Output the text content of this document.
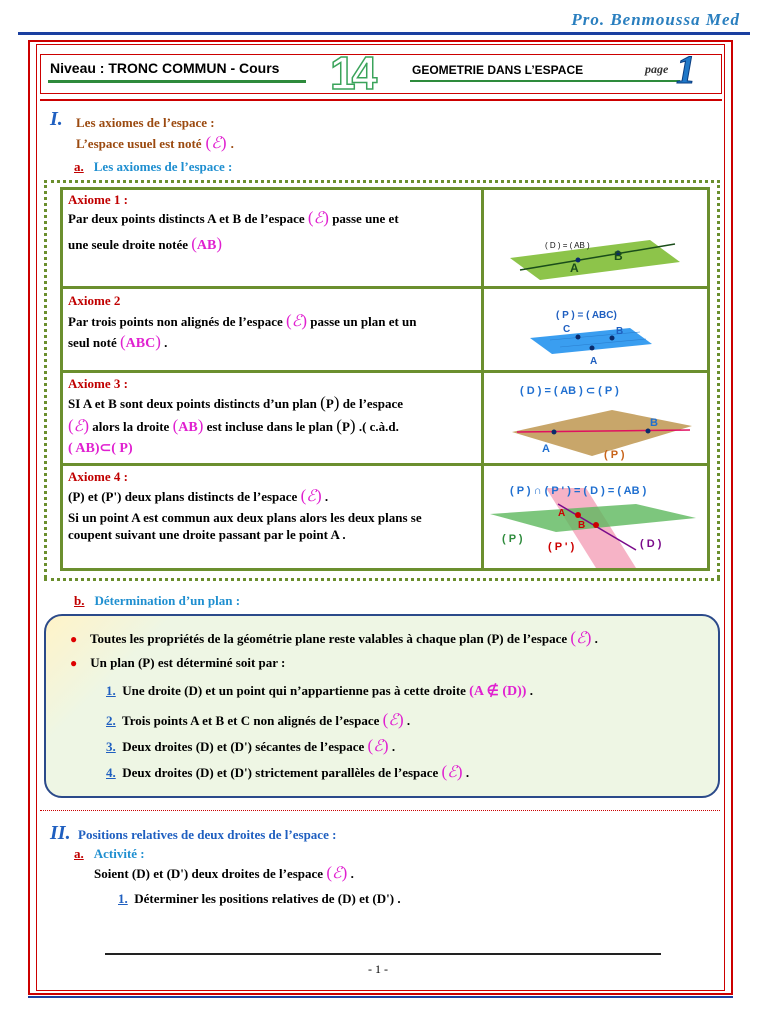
Pro. Benmoussa Med
Niveau : TRONC COMMUN - Cours 14	GEOMETRIE DANS L’ESPACE	page 1
I. Les axiomes de l’espace :
L’espace usuel est noté (ℰ) .
a. Les axiomes de l’espace :
Axiome 1 :
Par deux points distincts A et B de l’espace (ℰ) passe une et
une seule droite notée (AB)	( D ) = ( AB )
A
B
Axiome 2
Par trois points non alignés de l’espace (ℰ) passe un plan et un
seul noté (ABC) .
( P ) = ( ABC)
C	B
A
Axiome 3 :
SI A et B sont deux points distincts d’un plan (P) de l’espace
(ℰ) alors la droite (AB) est incluse dans le plan (P) .( c.à.d.
( AB)⊂( P)
( D ) = ( AB ) ⊂ ( P )
A
B
( P )
Axiome 4 :
(P) et (P') deux plans distincts de l’espace (ℰ) .
Si un point A est commun aux deux plans alors les deux plans se
coupent suivant une droite passant par le point A .
( P ) ∩ ( P ' ) = ( D ) = ( AB )
A
B
( P )
( P ' )	( D )
b. Détermination d’un plan :
● Toutes les propriétés de la géométrie plane reste valables à chaque plan (P) de l’espace (ℰ) .
● Un plan (P) est déterminé soit par :
1. Une droite (D) et un point qui n’appartienne pas à cette droite (A ∉ (D)) .
2. Trois points A et B et C non alignés de l’espace (ℰ) .
3. Deux droites (D) et (D') sécantes de l’espace (ℰ) .
4. Deux droites (D) et (D') strictement parallèles de l’espace (ℰ) .
II. Positions relatives de deux droites de l’espace :
a. Activité :
Soient (D) et (D') deux droites de l’espace (ℰ) .
1. Déterminer les positions relatives de (D) et (D') .
- 1 -
